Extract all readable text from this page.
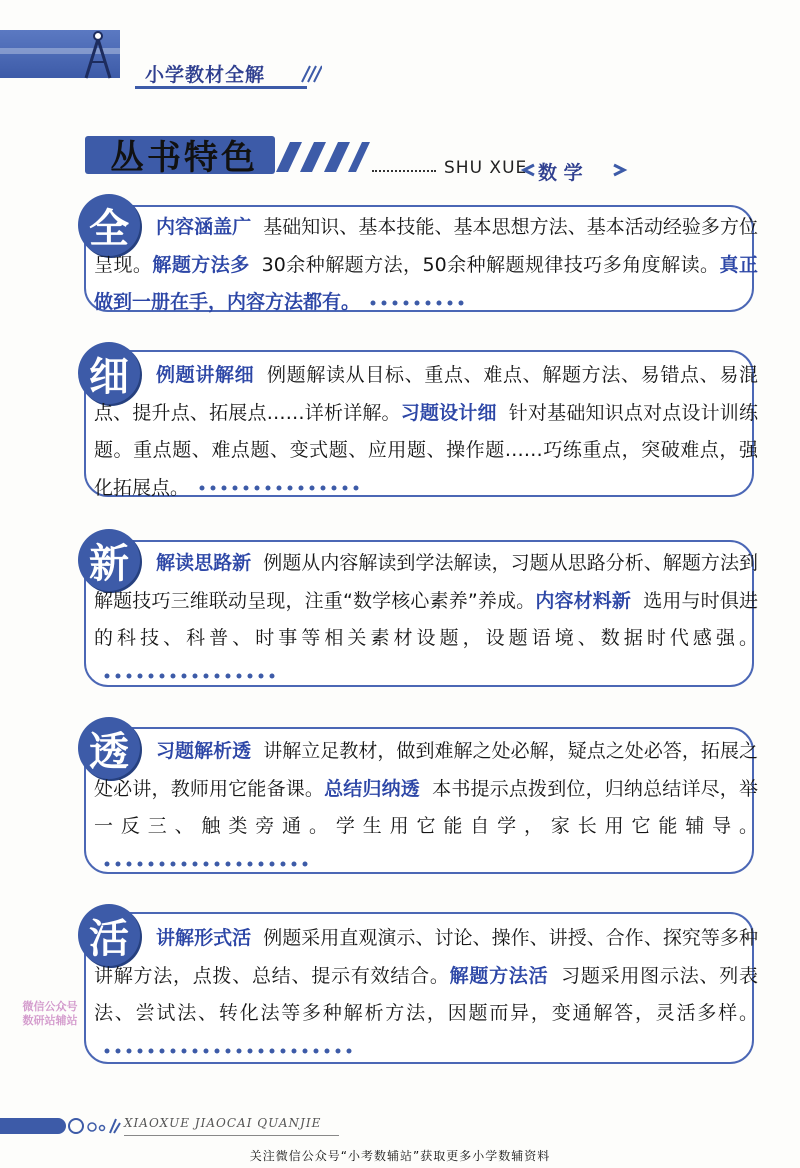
小学教材全解
丛书特色	SHU XUE 数 学
全	内容涵盖广 基础知识、基本技能、基本思想方法、基本活动经验多方位呈现。解题方法多 30余种解题方法，50余种解题规律技巧多角度解读。真正做到一册在手，内容方法都有。
细	例题讲解细 例题解读从目标、重点、难点、解题方法、易错点、易混点、提升点、拓展点……详析详解。习题设计细 针对基础知识点对点设计训练题。重点题、难点题、变式题、应用题、操作题……巧练重点，突破难点，强化拓展点。
新	解读思路新 例题从内容解读到学法解读，习题从思路分析、解题方法到解题技巧三维联动呈现，注重“数学核心素养”养成。内容材料新 选用与时俱进的科技、科普、时事等相关素材设题，设题语境、数据时代感强。
透	习题解析透 讲解立足教材，做到难解之处必解，疑点之处必答，拓展之处必讲，教师用它能备课。总结归纳透 本书提示点拨到位，归纳总结详尽，举一反三、触类旁通。学生用它能自学，家长用它能辅导。
活	讲解形式活 例题采用直观演示、讨论、操作、讲授、合作、探究等多种讲解方法，点拨、总结、提示有效结合。解题方法活 习题采用图示法、列表法、尝试法、转化法等多种解析方法，因题而异，变通解答，灵活多样。
微信公众号
数研站辅站
XIAOXUE JIAOCAI QUANJIE
关注微信公众号“小考数辅站”获取更多小学数辅资料
